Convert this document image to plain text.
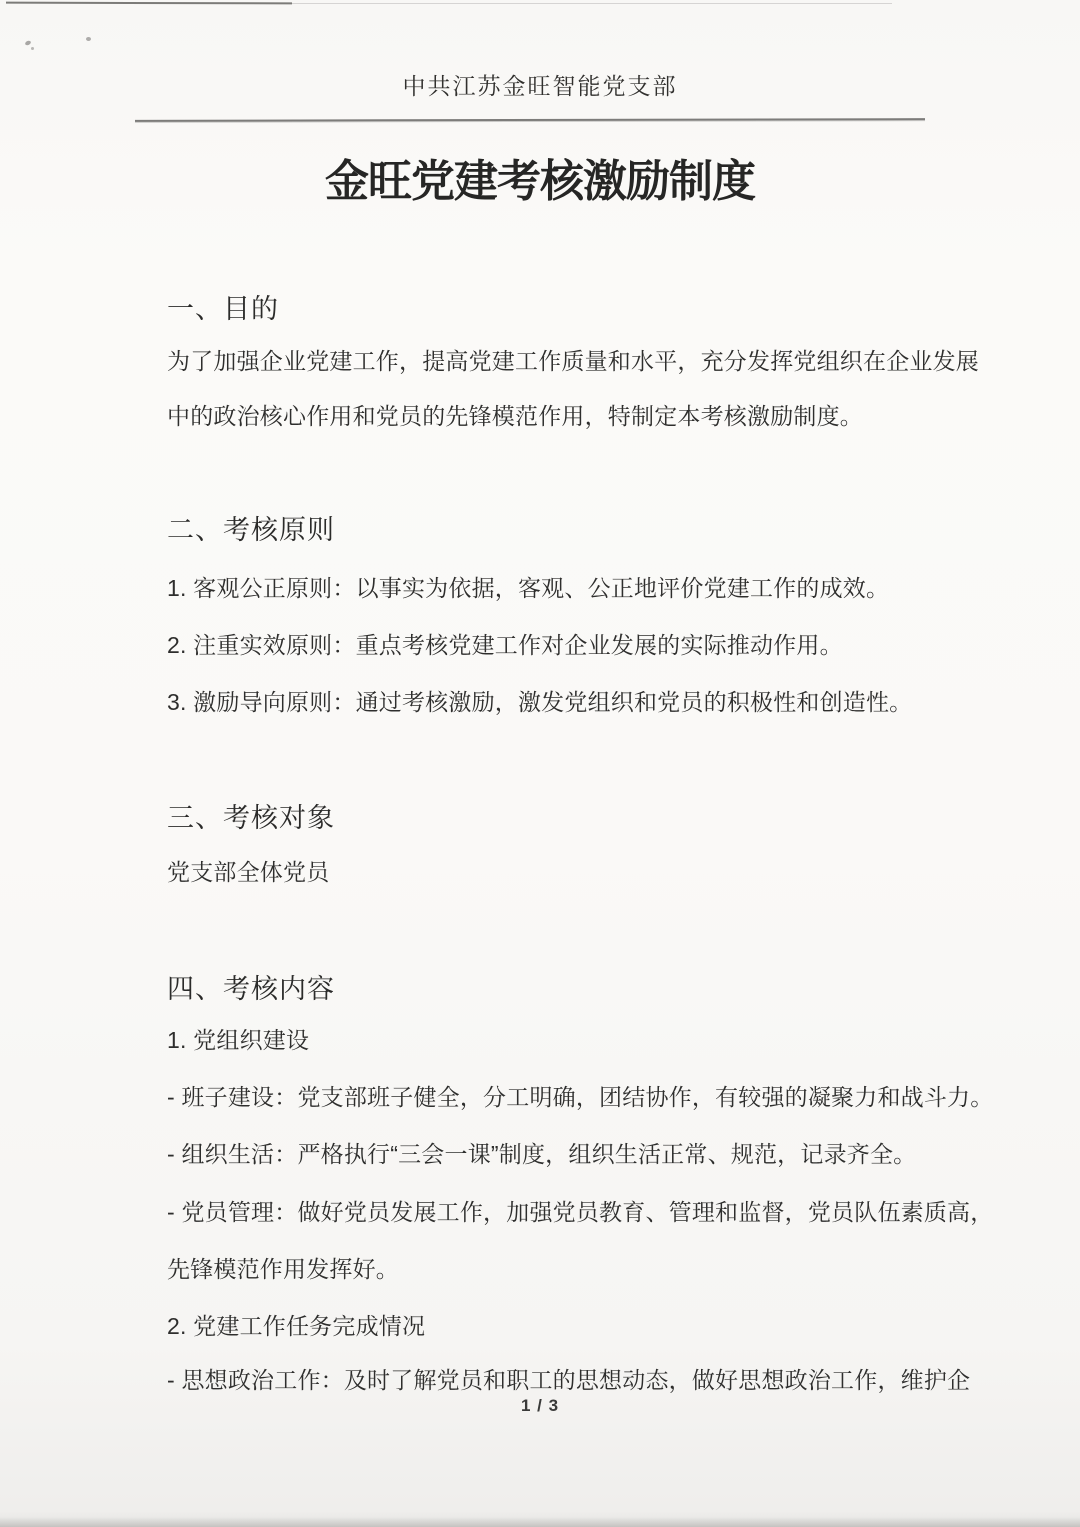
中共江苏金旺智能党支部
金旺党建考核激励制度
一、目的
为了加强企业党建工作，提高党建工作质量和水平，充分发挥党组织在企业发展
中的政治核心作用和党员的先锋模范作用，特制定本考核激励制度。
二、考核原则
1. 客观公正原则：以事实为依据，客观、公正地评价党建工作的成效。
2. 注重实效原则：重点考核党建工作对企业发展的实际推动作用。
3. 激励导向原则：通过考核激励，激发党组织和党员的积极性和创造性。
三、考核对象
党支部全体党员
四、考核内容
1. 党组织建设
- 班子建设：党支部班子健全，分工明确，团结协作，有较强的凝聚力和战斗力。
- 组织生活：严格执行“三会一课”制度，组织生活正常、规范，记录齐全。
- 党员管理：做好党员发展工作，加强党员教育、管理和监督，党员队伍素质高，
先锋模范作用发挥好。
2. 党建工作任务完成情况
- 思想政治工作：及时了解党员和职工的思想动态，做好思想政治工作，维护企
1 / 3
